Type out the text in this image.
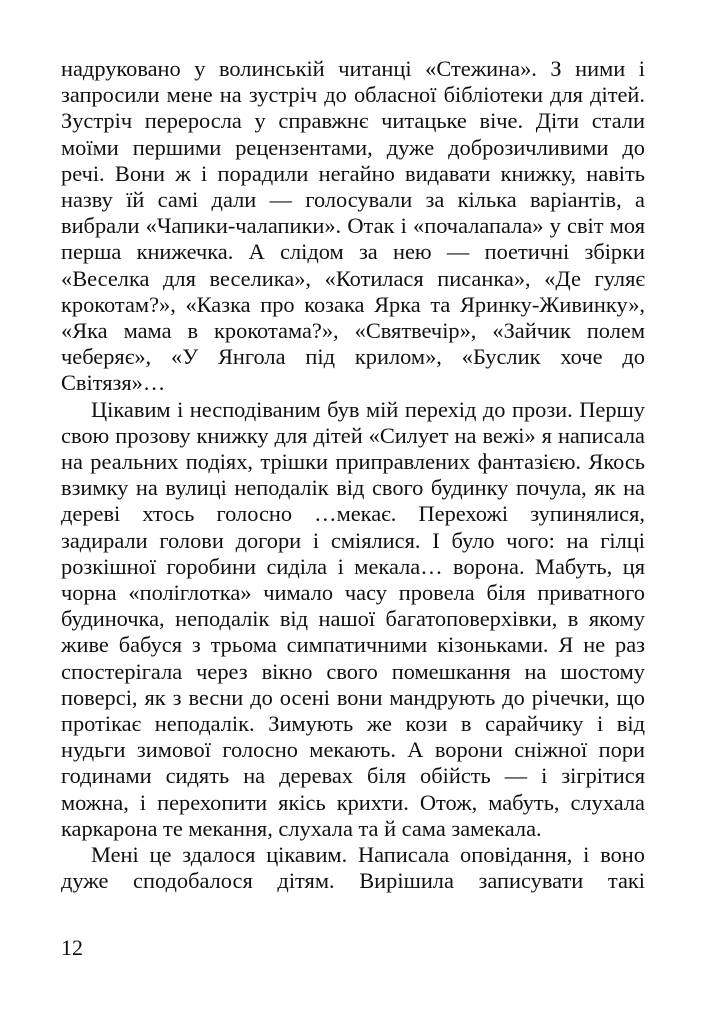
надруковано у волинській читанці «Стежина». З ними і запросили мене на зустріч до обласної бібліотеки для дітей. Зустріч переросла у справжнє читацьке віче. Діти стали моїми першими рецензентами, дуже доброзичливими до речі. Вони ж і порадили негайно видавати книжку, навіть назву їй самі дали — голосували за кілька варіантів, а вибрали «Чапики-чалапики». Отак і «почалапала» у світ моя перша книжечка. А слідом за нею — поетичні збірки «Веселка для веселика», «Котилася писанка», «Де гуляє крокотам?», «Казка про козака Ярка та Яринку-Живинку», «Яка мама в крокотама?», «Святвечір», «Зайчик полем чеберяє», «У Янгола під крилом», «Буслик хоче до Світязя»…

Цікавим і несподіваним був мій перехід до прози. Першу свою прозову книжку для дітей «Силует на вежі» я написала на реальних подіях, трішки приправлених фантазією. Якось взимку на вулиці неподалік від свого будинку почула, як на дереві хтось голосно …мекає. Перехожі зупинялися, задирали голови догори і сміялися. І було чого: на гілці розкішної горобини сиділа і мекала… ворона. Мабуть, ця чорна «поліглотка» чимало часу провела біля приватного будиночка, неподалік від нашої багатоповерхівки, в якому живе бабуся з трьома симпатичними кізоньками. Я не раз спостерігала через вікно свого помешкання на шостому поверсі, як з весни до осені вони мандрують до річечки, що протікає неподалік. Зимують же кози в сарайчику і від нудьги зимової голосно мекають. А ворони сніжної пори годинами сидять на деревах біля обійсть — і зігрітися можна, і перехопити якісь крихти. Отож, мабуть, слухала каркарона те мекання, слухала та й сама замекала.

Мені це здалося цікавим. Написала оповідання, і воно дуже сподобалося дітям. Вирішила записувати такі

12
